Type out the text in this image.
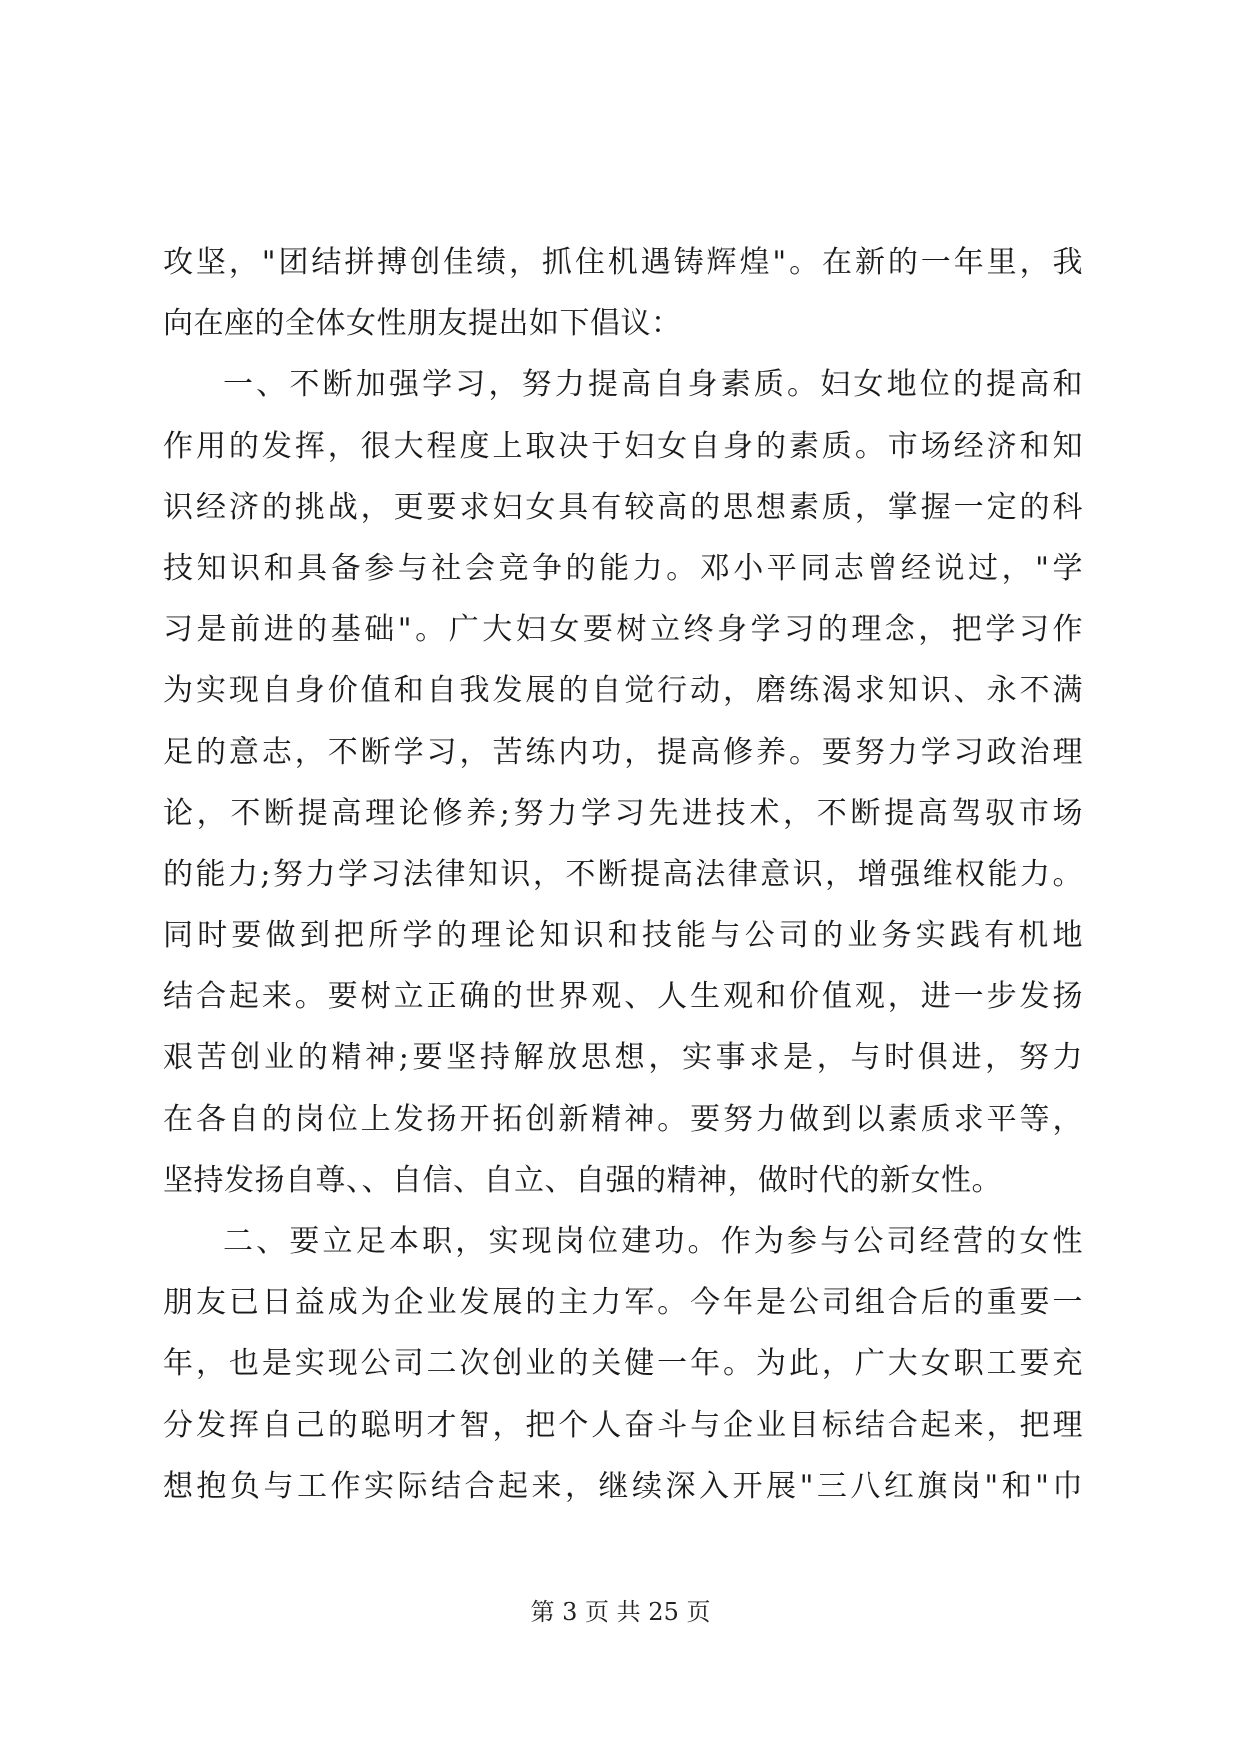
攻坚，"团结拼搏创佳绩，抓住机遇铸辉煌"。在新的一年里，我
向在座的全体女性朋友提出如下倡议：
一、不断加强学习，努力提高自身素质。妇女地位的提高和
作用的发挥，很大程度上取决于妇女自身的素质。市场经济和知
识经济的挑战，更要求妇女具有较高的思想素质，掌握一定的科
技知识和具备参与社会竞争的能力。邓小平同志曾经说过，"学
习是前进的基础"。广大妇女要树立终身学习的理念，把学习作
为实现自身价值和自我发展的自觉行动，磨练渴求知识、永不满
足的意志，不断学习，苦练内功，提高修养。要努力学习政治理
论，不断提高理论修养;努力学习先进技术，不断提高驾驭市场
的能力;努力学习法律知识，不断提高法律意识，增强维权能力。
同时要做到把所学的理论知识和技能与公司的业务实践有机地
结合起来。要树立正确的世界观、人生观和价值观，进一步发扬
艰苦创业的精神;要坚持解放思想，实事求是，与时俱进，努力
在各自的岗位上发扬开拓创新精神。要努力做到以素质求平等，
坚持发扬自尊、、自信、自立、自强的精神，做时代的新女性。
二、要立足本职，实现岗位建功。作为参与公司经营的女性
朋友已日益成为企业发展的主力军。今年是公司组合后的重要一
年，也是实现公司二次创业的关健一年。为此，广大女职工要充
分发挥自己的聪明才智，把个人奋斗与企业目标结合起来，把理
想抱负与工作实际结合起来，继续深入开展"三八红旗岗"和"巾
第 3 页 共 25 页
